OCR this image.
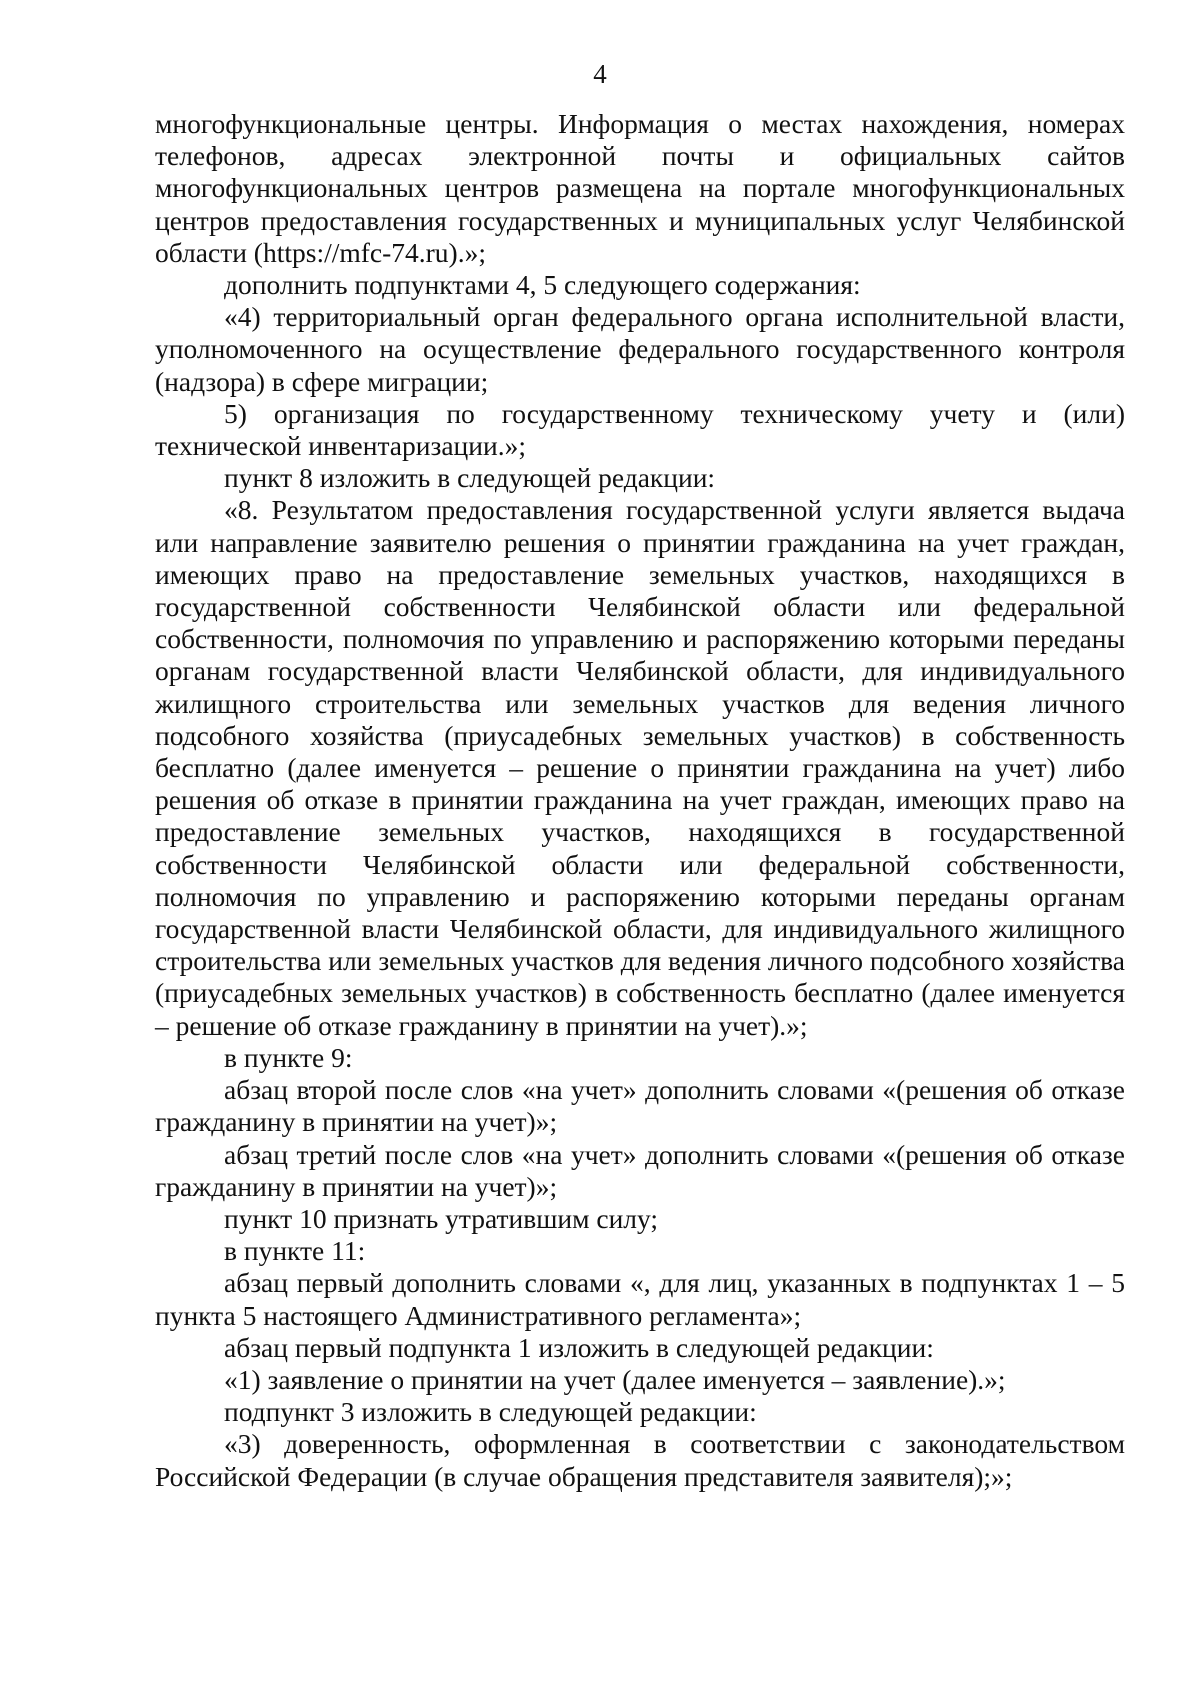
4

многофункциональные центры. Информация о местах нахождения, номерах телефонов, адресах электронной почты и официальных сайтов многофункциональных центров размещена на портале многофункциональных центров предоставления государственных и муниципальных услуг Челябинской области (https://mfc-74.ru).»;

дополнить подпунктами 4, 5 следующего содержания:

«4) территориальный орган федерального органа исполнительной власти, уполномоченного на осуществление федерального государственного контроля (надзора) в сфере миграции;

5) организация по государственному техническому учету и (или) технической инвентаризации.»;

пункт 8 изложить в следующей редакции:

«8. Результатом предоставления государственной услуги является выдача или направление заявителю решения о принятии гражданина на учет граждан, имеющих право на предоставление земельных участков, находящихся в государственной собственности Челябинской области или федеральной собственности, полномочия по управлению и распоряжению которыми переданы органам государственной власти Челябинской области, для индивидуального жилищного строительства или земельных участков для ведения личного подсобного хозяйства (приусадебных земельных участков) в собственность бесплатно (далее именуется – решение о принятии гражданина на учет) либо решения об отказе в принятии гражданина на учет граждан, имеющих право на предоставление земельных участков, находящихся в государственной собственности Челябинской области или федеральной собственности, полномочия по управлению и распоряжению которыми переданы органам государственной власти Челябинской области, для индивидуального жилищного строительства или земельных участков для ведения личного подсобного хозяйства (приусадебных земельных участков) в собственность бесплатно (далее именуется – решение об отказе гражданину в принятии на учет).»;

в пункте 9:

абзац второй после слов «на учет» дополнить словами «(решения об отказе гражданину в принятии на учет)»;

абзац третий после слов «на учет» дополнить словами «(решения об отказе гражданину в принятии на учет)»;

пункт 10 признать утратившим силу;

в пункте 11:

абзац первый дополнить словами «, для лиц, указанных в подпунктах 1 – 5 пункта 5 настоящего Административного регламента»;

абзац первый подпункта 1 изложить в следующей редакции:

«1) заявление о принятии на учет (далее именуется – заявление).»;

подпункт 3 изложить в следующей редакции:

«3) доверенность, оформленная в соответствии с законодательством Российской Федерации (в случае обращения представителя заявителя);»;
